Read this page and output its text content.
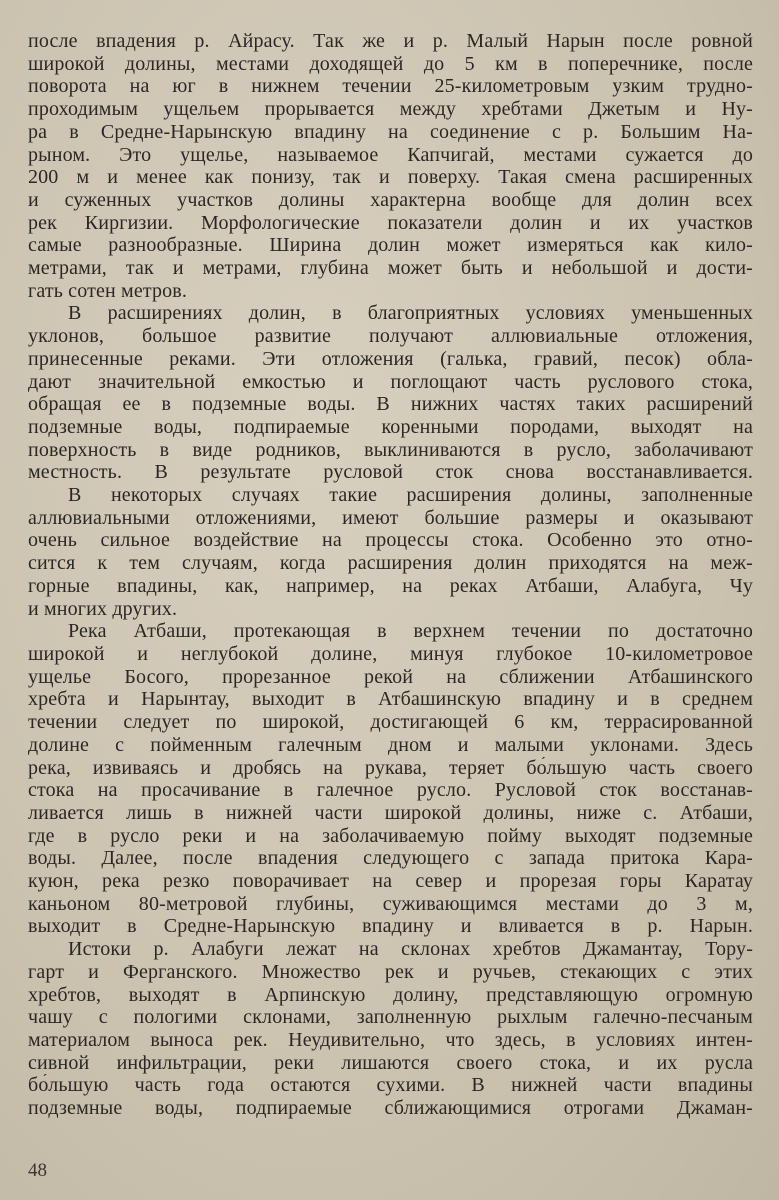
после впадения р. Айрасу. Так же и р. Малый Нарын после ровной
широкой долины, местами доходящей до 5 км в поперечнике, после
поворота на юг в нижнем течении 25-километровым узким трудно-
проходимым ущельем прорывается между хребтами Джетым и Ну-
ра в Средне-Нарынскую впадину на соединение с р. Большим На-
рыном. Это ущелье, называемое Капчигай, местами сужается до
200 м и менее как понизу, так и поверху. Такая смена расширенных
и суженных участков долины характерна вообще для долин всех
рек Киргизии. Морфологические показатели долин и их участков
самые разнообразные. Ширина долин может измеряться как кило-
метрами, так и метрами, глубина может быть и небольшой и дости-
гать сотен метров.

В расширениях долин, в благоприятных условиях уменьшенных
уклонов, большое развитие получают аллювиальные отложения,
принесенные реками. Эти отложения (галька, гравий, песок) обла-
дают значительной емкостью и поглощают часть руслового стока,
обращая ее в подземные воды. В нижних частях таких расширений
подземные воды, подпираемые коренными породами, выходят на
поверхность в виде родников, выклиниваются в русло, заболачивают
местность. В результате русловой сток снова восстанавливается.

В некоторых случаях такие расширения долины, заполненные
аллювиальными отложениями, имеют большие размеры и оказывают
очень сильное воздействие на процессы стока. Особенно это отно-
сится к тем случаям, когда расширения долин приходятся на меж-
горные впадины, как, например, на реках Атбаши, Алабуга, Чу
и многих других.

Река Атбаши, протекающая в верхнем течении по достаточно
широкой и неглубокой долине, минуя глубокое 10-километровое
ущелье Босого, прорезанное рекой на сближении Атбашинского
хребта и Нарынтау, выходит в Атбашинскую впадину и в среднем
течении следует по широкой, достигающей 6 км, террасированной
долине с пойменным галечным дном и малыми уклонами. Здесь
река, извиваясь и дробясь на рукава, теряет бо́льшую часть своего
стока на просачивание в галечное русло. Русловой сток восстанав-
ливается лишь в нижней части широкой долины, ниже с. Атбаши,
где в русло реки и на заболачиваемую пойму выходят подземные
воды. Далее, после впадения следующего с запада притока Кара-
куюн, река резко поворачивает на север и прорезая горы Каратау
каньоном 80-метровой глубины, суживающимся местами до 3 м,
выходит в Средне-Нарынскую впадину и вливается в р. Нарын.

Истоки р. Алабуги лежат на склонах хребтов Джамантау, Тору-
гарт и Ферганского. Множество рек и ручьев, стекающих с этих
хребтов, выходят в Арпинскую долину, представляющую огромную
чашу с пологими склонами, заполненную рыхлым галечно-песчаным
материалом выноса рек. Неудивительно, что здесь, в условиях интен-
сивной инфильтрации, реки лишаются своего стока, и их русла
бо́льшую часть года остаются сухими. В нижней части впадины
подземные воды, подпираемые сближающимися отрогами Джаман-

48
